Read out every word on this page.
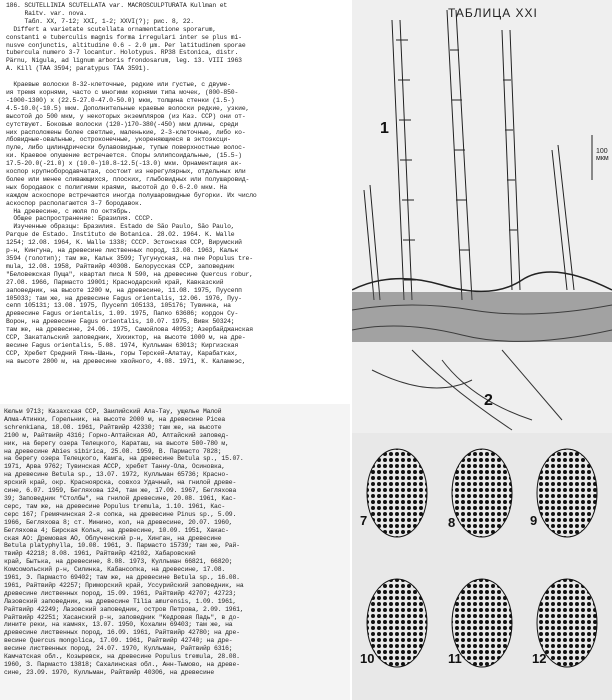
186. SCUTELLINIA SCUTELLATA var. MACROSCULPTURATA Kullman et
Raitv. var. nova.
Табл. XX, 7-12; XXI, 1-2; XXVI(?); рис. 8, 22.
Differt a varietate scutellata ornamentatione sporarum,
constanti e tuberculis magnis forma irregulari inter se plus mi-
nusve conjunctis, altitudine 0.6 - 2.0 μm. Per latitudinem sporae
tubercula numero 3-7 locantur. Holotypus. RP38 Estonica, distr.
Pärnu, Nigula, ad lignum arboris frondosarum, leg. 13. VIII 1963
A. Kill (TAA 3594; paratypus TAA 3591).

Краевые волоски 8-32-клеточные, редкие или густые, с двуме-
ия тремя корнями, часто с многими корнями типа мочек, (800-850-
-1000-1300) x (22.5-27.0-47.0-50.0) мкм, толщина стенки (1.5-)
4.5-10.0(-10.5) мкм. Дополнительные краевые волоски редкие, узкие,
высотой до 500 мкм, у некоторых экземпляров (из Каз. ССР) они от-
сутствуют. Боковые волоски (120-)170-380(-450) мкм длины, среди
них расположены более светлые, маленькие, 2-3-клеточные, либо ко-
лбовидные-овальные, остроконечные, укореняющиеся в эктоэксци-
пуле, либо цилиндрически булавовидные, тупые поверхностные волос-
ки. Краевое опушение встречается. Споры эллипсоидальные, (15.5-)
17.5-20.0(-21.0) x (10.0-)10.8-12.5(-13.0) мкм. Орнаментация ак-
коспор крупнобородавчатая, состоит из нерегулярных, отдельных или
более или менее сливающихся, плоских, глыбовидных или полушаровид-
ных бородавок с полигиями краями, высотой до 0.6-2.0 мкм. На
каждом аскоспоре встречаются иногда полушаровидные бугорки. Их число
аскоспор располагаются 3-7 бородавок.
На древесине, с июля по октябрь.
Общее распространение: Бразилия. СССР.
Изученные образцы: Бразилия. Estado de São Paulo, São Paulo,
Parque de Estado. Instituto de Botanica. 28.02. 1964. K. Walle
1254; 12.08. 1964, K. Walle 1338; СССР. Эстонская ССР, Вирумский
р-н, Кингуна, на древесине лиственных пород, 13.08. 1963, Кальк
3594 (голотип); там же, Кальк 3599; Тугунуская, на пне Populus tre-
mula, 12.08. 1958, Райтвийр 40308. Белорусская ССР, заповедник
"Беловежская Пуща", квартал пиcа N 590, на древесине Quercus robur,
27.08. 1966, Пармасто 19001; Краснодарский край, Кавказский
заповедник, на высоте 1200 м, на древесине, 11.08. 1975, Пуусепп
105033; там же, на древесине Fagus orientalis, 12.06. 1976, Пуу-
сепп 105131; 13.08. 1975, Пуусепп 105133, 105176; Тувинка, на
древесине Fagus orientalis, 1.09. 1975, Папко 63686; кордон Су-
Ворон, на древесине Fagus orientalis, 10.07. 1975, Вивк 50324;
там же, на древесине, 24.06. 1975, Самойлова 40953; Азербайджанская
ССР, Закатальский заповедник, Хихиктор, на высоте 1000 м, на дре-
весине Fagus orientalis, 5.08. 1974, Кулльман 63013; Киргизская
ССР, Хребет Средний Тянь-Шань, горы Терскей-Алатау, Карабатках,
на высоте 2800 м, на древесине хвойного, 4.08. 1971, К. Каламеэс,
Кюльм 9713; Казахская ССР, Заилийский Ала-Тау, ущелье Малой
Алма-Атинки, Горельник, на высоте 2000 м, на древесине Picea
schrenkiana, 18.08. 1961, Райтвийр 42330; там же, на высоте
2100 м, Райтвийр 4316; Горно-Алтайская АО, Алтайский заповед-
ник, на берегу озера Телецкого, Караташ, на высоте 500-780 м,
на древесине Abies sibirica, 25.08. 1959, В. Пармасто 7828;
на берегу озера Телецкого, Камга, на древесине Betula sp., 15.07.
1971, Арва 9762; Тувинская АССР, хребет Танну-Ола, Осиновка,
на древесине Betula sp., 13.07. 1972, Кулльман 65736; Красно-
ярский край, окр. Красноярска, совхоз Удачный, на гнилой древе-
сине, 6.07. 1959, Бегляхова 124, там же, 17.09. 1967, Бегляхова
39; Заповедник "Столбы", на гнилой древесине, 20.08. 1961, Кас-
серс, там же, на древесине Populus tremula, 1.10. 1961, Кас-
серс 167; Гремячинская 2-я сопка, на древесине Pinus sp., 5.09.
1966, Бегляхова 8; ст. Минино, кол, на древесине, 20.07. 1960,
Бегляхова 4; Бирская Колья, на древесине, 10.09. 1951, Хакас-
ская АО: Дремовая АО, Облученский р-н, Хинган, на древесине
Betula platyphylla, 10.08. 1961, Э. Пармасто 15739; там же, Рай-
твийр 42218; 8.08. 1961, Райтвийр 42102, Хабаровский
край, Бытька, на древесине, 8.08. 1973, Кулльман 66821, 66820;
Комсомольский р-н, Силинка, Кабансопка, на древесине, 17.08.
1961, Э. Пармасто 69402; там же, на древесине Betula sp., 16.08.
1961, Райтвийр 42257; Приморский край, Уссурийский заповедник, на
древесине лиственных пород, 15.09. 1961, Райтвийр 42707; 42723;
Лазовский заповедник, на древесине Tilia amurensis, 1.09. 1961,
Райтвийр 42249; Лазовский заповедник, остров Петрова, 2.09. 1961,
Райтвийр 42251; Хасанский р-н, заповедник "Кедровая Падь", в до-
лините реки, на камнях, 13.07. 1950, Кохалин 69403; там же, на
древесине лиственных пород, 16.09. 1961, Райтвийр 42780; на дре-
весине Quercus mongolica, 17.09. 1961, Райтвийр 42740; на дре-
весине лиственных пород, 24.07. 1970, Кулльман, Райтвийр 6316;
Камчатская обл., Козыревск, на древесине Populus tremula, 28.08.
1960, З. Пармасто 13818; Сахалинская обл., Анн-Тымово, на древе-
сине, 23.09. 1970, Кулльман, Райтвийр 40306, на древесине
ТАБЛИЦА XXI
1
2
100 мкм
7	8	9
10	11	12
